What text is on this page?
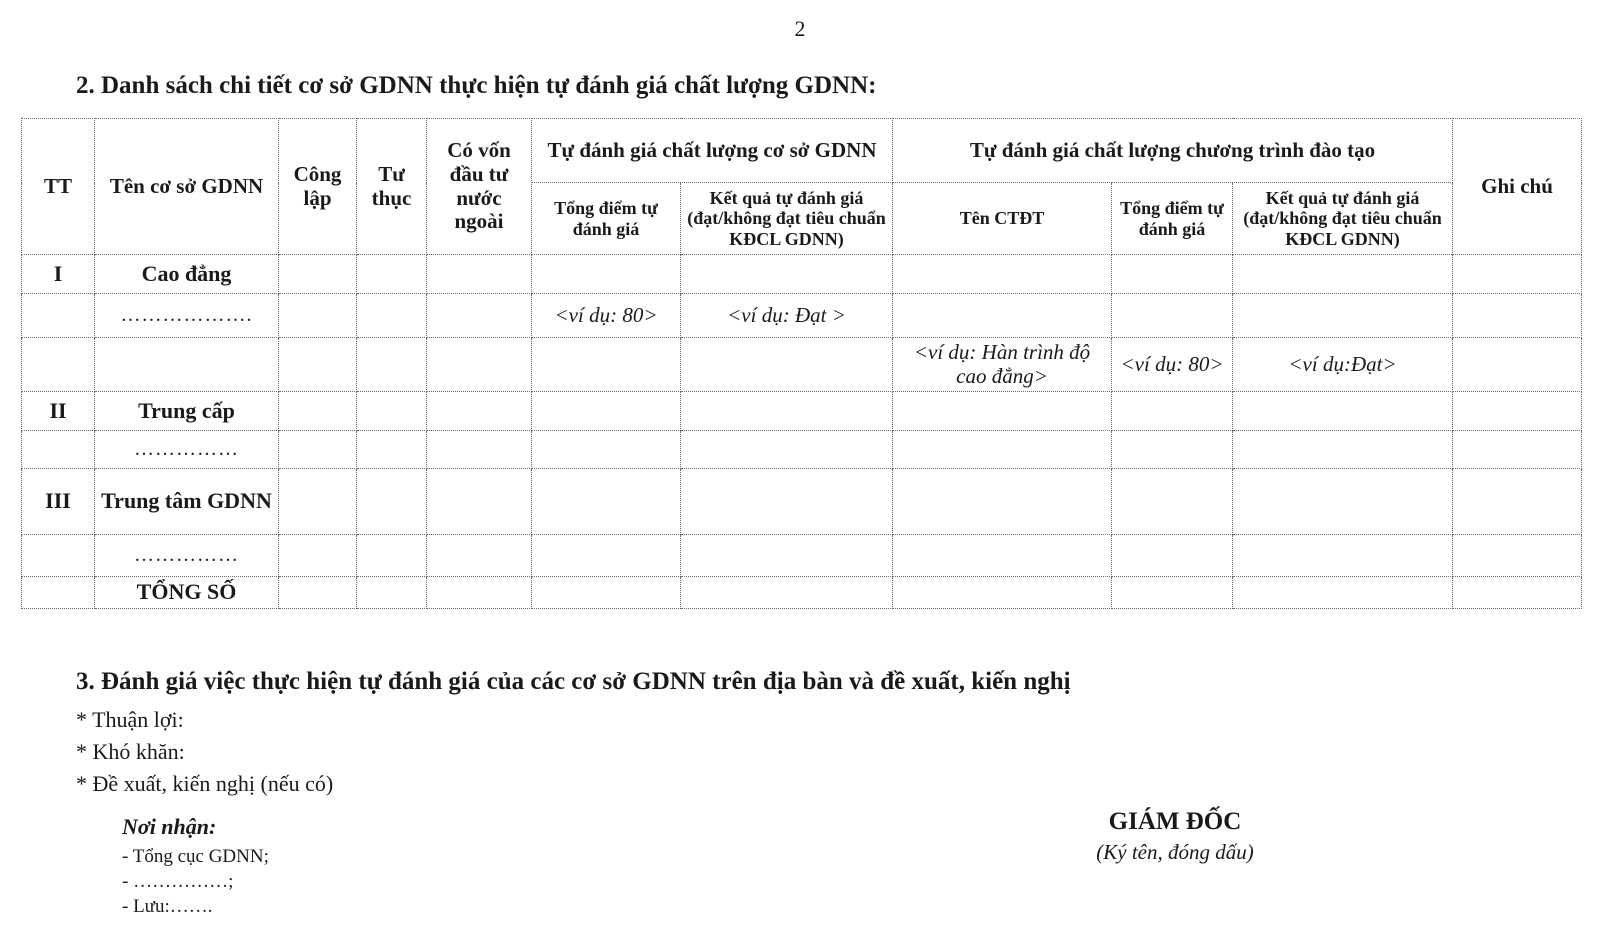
2
2. Danh sách chi tiết cơ sở GDNN thực hiện tự đánh giá chất lượng GDNN:
TT	Tên cơ sở GDNN	Công lập	Tư thục	Có vốn đầu tư nước ngoài	Tự đánh giá chất lượng cơ sở GDNN		Tự đánh giá chất lượng chương trình đào tạo			Ghi chú
					Tổng điểm tự đánh giá	Kết quả tự đánh giá (đạt/không đạt tiêu chuẩn KĐCL GDNN)	Tên CTĐT	Tổng điểm tự đánh giá	Kết quả tự đánh giá (đạt/không đạt tiêu chuẩn KĐCL GDNN)	
I	Cao đẳng									
	……………….				<ví dụ: 80>	<ví dụ: Đạt >				
							<ví dụ: Hàn trình độ cao đẳng>	<ví dụ: 80>	<ví dụ:Đạt>	
II	Trung cấp									
	……………									
III	Trung tâm GDNN									
	……………									
	TỔNG SỐ									
3. Đánh giá việc thực hiện tự đánh giá của các cơ sở GDNN trên địa bàn và đề xuất, kiến nghị
* Thuận lợi:
* Khó khăn:
* Đề xuất, kiến nghị (nếu có)
Nơi nhận:
- Tổng cục GDNN;
- ……………;
- Lưu:…….
GIÁM ĐỐC
(Ký tên, đóng dấu)
